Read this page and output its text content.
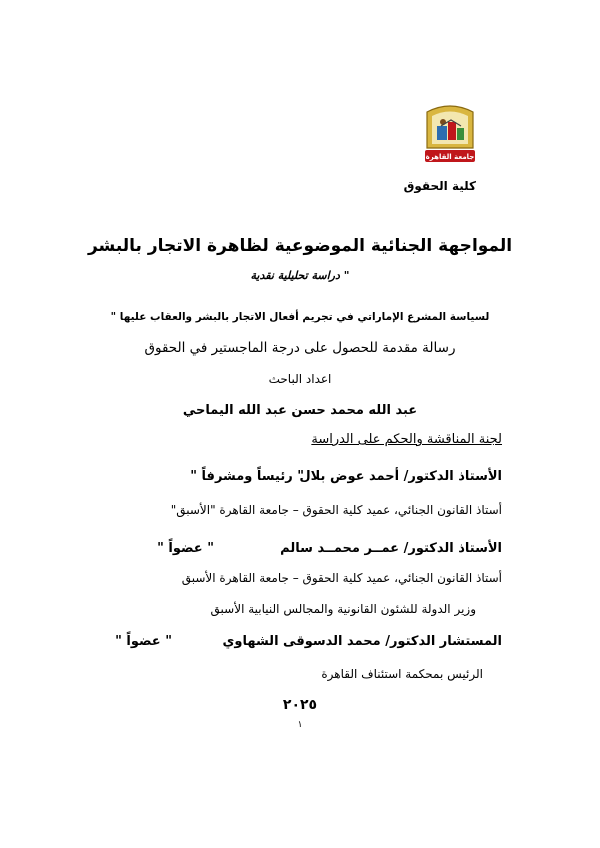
جامعة القاهرة
كلية الحقوق
المواجهة الجنائية الموضوعية لظاهرة الاتجار بالبشر
" دراسة تحليلية نقدية
لسياسة المشرع الإماراتي في تجريم أفعال الاتجار بالبشر والعقاب عليها "
رسالة مقدمة للحصول على درجة الماجستير في الحقوق
اعداد الباحث
عبد الله محمد حسن عبد الله اليماحي
لجنة المناقشة والحكم على الدراسة
الأستاذ الدكتور/ أحمد عوض بلال
" رئيساً ومشرفاً "
أستاذ القانون الجنائي، عميد كلية الحقوق – جامعة القاهرة "الأسبق"
الأستاذ الدكتور/ عمــر محمــد سالم
" عضواً "
أستاذ القانون الجنائي، عميد كلية الحقوق – جامعة القاهرة الأسبق
وزير الدولة للشئون القانونية والمجالس النيابية الأسبق
المستشار الدكتور/ محمد الدسوقى الشهاوي
" عضواً "
الرئيس بمحكمة استئناف القاهرة
٢٠٢٥
١
